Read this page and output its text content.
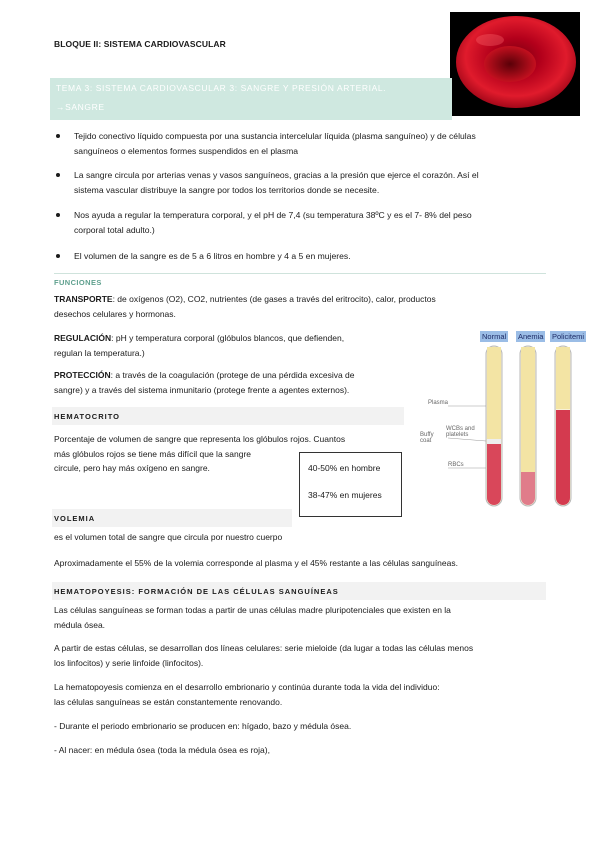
BLOQUE II: SISTEMA CARDIOVASCULAR
TEMA 3: SISTEMA CARDIOVASCULAR 3: SANGRE Y PRESIÓN ARTERIAL.
→SANGRE
Tejido conectivo líquido compuesta por una sustancia intercelular líquida (plasma sanguíneo) y de células
sanguíneos o elementos formes suspendidos en el plasma
La sangre circula por arterias venas y vasos sanguíneos, gracias a la presión que ejerce el corazón. Así el
sistema vascular distribuye la sangre por todos los territorios donde se necesite.
Nos ayuda a regular la temperatura corporal, y el pH de 7,4 (su temperatura 38ºC y es el 7- 8% del peso
corporal total adulto.)
El volumen de la sangre es de 5 a 6 litros en hombre y 4 a 5 en mujeres.
FUNCIONES
TRANSPORTE: de oxígenos (O2), CO2, nutrientes (de gases a través del eritrocito), calor, productos
desechos celulares y hormonas.
REGULACIÓN: pH y temperatura corporal (glóbulos blancos, que defienden,
regulan la temperatura.)
PROTECCIÓN: a través de la coagulación (protege de una pérdida excesiva de
sangre) y a través del sistema inmunitario (protege frente a agentes externos).
HEMATOCRITO
Porcentaje de volumen de sangre que representa los glóbulos rojos. Cuantos
más glóbulos rojos se tiene más difícil que la sangre
circule, pero hay más oxígeno en sangre.	40-50% en hombre
38-47% en mujeres
VOLEMIA
es el volumen total de sangre que circula por nuestro cuerpo
Aproximadamente el 55% de la volemia corresponde al plasma y el 45% restante a las células sanguíneas.
HEMATOPOYESIS: FORMACIÓN DE LAS CÉLULAS SANGUÍNEAS
Las células sanguíneas se forman todas a partir de unas células madre pluripotenciales que existen en la
médula ósea.
A partir de estas células, se desarrollan dos líneas celulares: serie mieloide (da lugar a todas las células menos
los linfocitos) y serie linfoide (linfocitos).
La hematopoyesis comienza en el desarrollo embrionario y continúa durante toda la vida del individuo:
las células sanguíneas se están constantemente renovando.
- Durante el periodo embrionario se producen en: hígado, bazo y médula ósea.
- Al nacer: en médula ósea (toda la médula ósea es roja),
Normal Anemia Policitemi
Plasma
Buffy coat
WCBs and platelets
RBCs
